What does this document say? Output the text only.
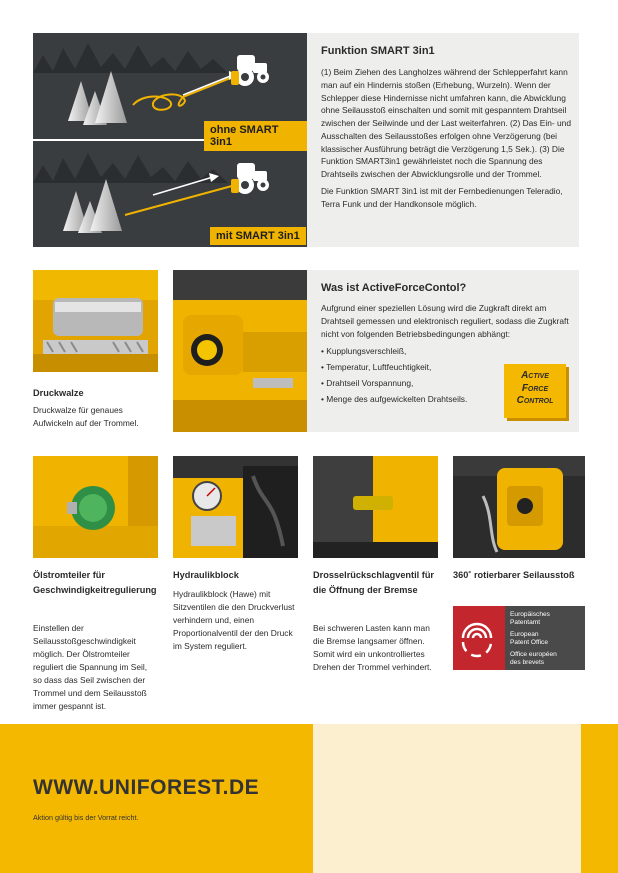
ohne SMART 3in1
mit SMART 3in1
Funktion SMART 3in1

(1) Beim Ziehen des Langholzes während der Schlepperfahrt kann man auf ein Hindernis stoßen (Erhebung, Wurzeln). Wenn der Schlepper diese Hindernisse nicht umfahren kann, die Abwicklung ohne Seilausstoß einschalten und somit mit gespanntem Drahtseil zwischen der Seilwinde und der Last weiterfahren. (2) Das Ein- und Ausschalten des Seilausstoßes erfolgen ohne Verzögerung (bei klassischer Ausführung beträgt die Verzögerung 1,5 Sek.). (3) Die Funktion SMART3in1 gewährleistet noch die Spannung des Drahtseils zwischen der Abwicklungsrolle und der Trommel.

Die Funktion SMART 3in1 ist mit der Fernbedienungen Teleradio, Terra Funk und der Handkonsole möglich.

Druckwalze
Druckwalze für genaues Aufwickeln auf der Trommel.
Was ist ActiveForceContol?
Aufgrund einer speziellen Lösung wird die Zugkraft direkt am Drahtseil gemessen und elektronisch reguliert, sodass die Zugkraft nicht von folgenden Betriebsbedingungen abhängt:
• Kupplungsverschleiß,
• Temperatur, Luftfeuchtigkeit,
• Drahtseil Vorspannung,
• Menge des aufgewickelten Drahtseils.
Active
Force
Control
Ölstromteiler für Geschwindigkeitregulierung
Einstellen der Seilausstoßgeschwindigkeit möglich. Der Ölstromteiler reguliert die Spannung im Seil, so dass das Seil zwischen der Trommel und dem Seilausstoß immer gespannt ist.
Hydraulikblock
Hydraulikblock (Hawe) mit Sitzventilen die den Druckverlust verhindern und, einen Proportionalventil der den Druck im System reguliert.
Drosselrückschlagventil für die Öffnung der Bremse
Bei schweren Lasten kann man die Bremse langsamer öffnen. Somit wird ein unkontrolliertes Drehen der Trommel verhindert.
360˚ rotierbarer Seilausstoß
Europäisches
Patentamt
European
Patent Office
Office européen
des brevets
WWW.UNIFOREST.DE
Aktion gültig bis der Vorrat reicht.
